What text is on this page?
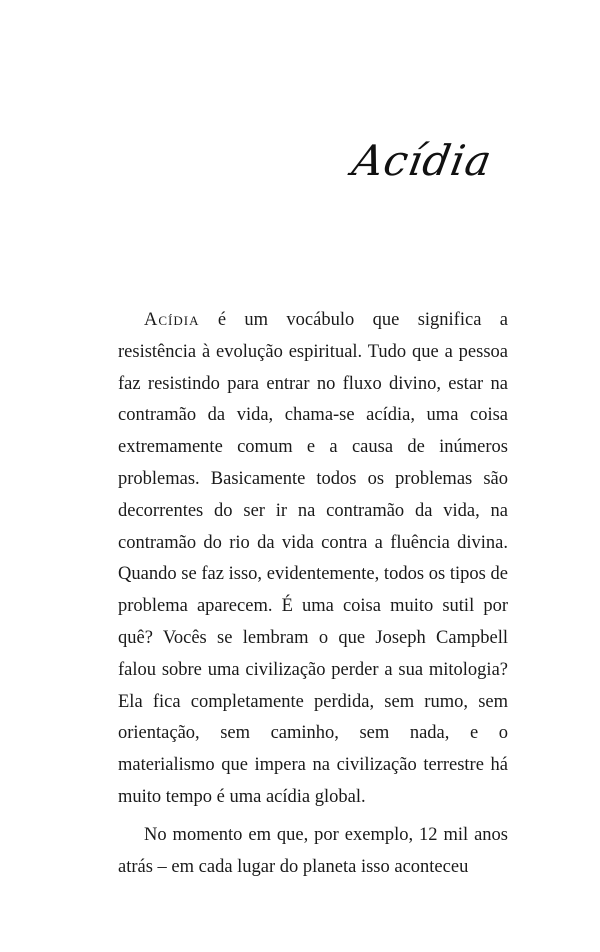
Acídia

Acídia é um vocábulo que significa a resistência à evolução espiritual. Tudo que a pessoa faz resistindo para entrar no fluxo divino, estar na contramão da vida, chama-se acídia, uma coisa extremamente comum e a causa de inúmeros problemas. Basicamente todos os problemas são decorrentes do ser ir na contramão da vida, na contramão do rio da vida contra a fluência divina. Quando se faz isso, evidentemente, todos os tipos de problema aparecem. É uma coisa muito sutil por quê? Vocês se lembram o que Joseph Campbell falou sobre uma civilização perder a sua mitologia? Ela fica completamente perdida, sem rumo, sem orientação, sem caminho, sem nada, e o materialismo que impera na civilização terrestre há muito tempo é uma acídia global.

No momento em que, por exemplo, 12 mil anos atrás – em cada lugar do planeta isso aconteceu
